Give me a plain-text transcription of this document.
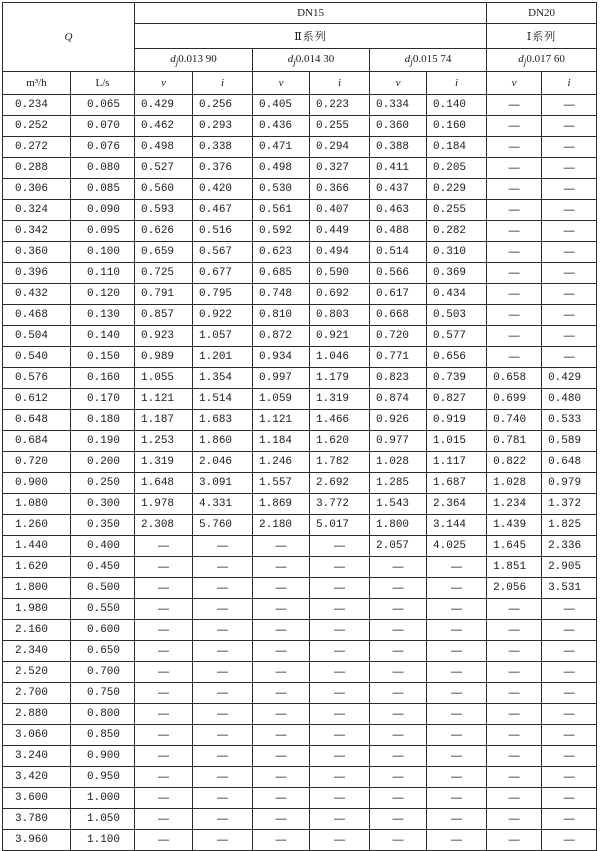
Q		DN15						DN20	
		Ⅱ系列						Ⅰ系列	
		$d_j0.013$ 90		$d_j0.014$ 30		$d_j0.015$ 74		$d_j0.017$ 60	
m³/h	L/s	v	i	v	i	v	i	v	i
0.234	0.065	0.429	0.256	0.405	0.223	0.334	0.140	—	—
0.252	0.070	0.462	0.293	0.436	0.255	0.360	0.160	—	—
0.272	0.076	0.498	0.338	0.471	0.294	0.388	0.184	—	—
0.288	0.080	0.527	0.376	0.498	0.327	0.411	0.205	—	—
0.306	0.085	0.560	0.420	0.530	0.366	0.437	0.229	—	—
0.324	0.090	0.593	0.467	0.561	0.407	0.463	0.255	—	—
0.342	0.095	0.626	0.516	0.592	0.449	0.488	0.282	—	—
0.360	0.100	0.659	0.567	0.623	0.494	0.514	0.310	—	—
0.396	0.110	0.725	0.677	0.685	0.590	0.566	0.369	—	—
0.432	0.120	0.791	0.795	0.748	0.692	0.617	0.434	—	—
0.468	0.130	0.857	0.922	0.810	0.803	0.668	0.503	—	—
0.504	0.140	0.923	1.057	0.872	0.921	0.720	0.577	—	—
0.540	0.150	0.989	1.201	0.934	1.046	0.771	0.656	—	—
0.576	0.160	1.055	1.354	0.997	1.179	0.823	0.739	0.658	0.429
0.612	0.170	1.121	1.514	1.059	1.319	0.874	0.827	0.699	0.480
0.648	0.180	1.187	1.683	1.121	1.466	0.926	0.919	0.740	0.533
0.684	0.190	1.253	1.860	1.184	1.620	0.977	1.015	0.781	0.589
0.720	0.200	1.319	2.046	1.246	1.782	1.028	1.117	0.822	0.648
0.900	0.250	1.648	3.091	1.557	2.692	1.285	1.687	1.028	0.979
1.080	0.300	1.978	4.331	1.869	3.772	1.543	2.364	1.234	1.372
1.260	0.350	2.308	5.760	2.180	5.017	1.800	3.144	1.439	1.825
1.440	0.400	—	—	—	—	2.057	4.025	1.645	2.336
1.620	0.450	—	—	—	—	—	—	1.851	2.905
1.800	0.500	—	—	—	—	—	—	2.056	3.531
1.980	0.550	—	—	—	—	—	—	—	—
2.160	0.600	—	—	—	—	—	—	—	—
2.340	0.650	—	—	—	—	—	—	—	—
2.520	0.700	—	—	—	—	—	—	—	—
2.700	0.750	—	—	—	—	—	—	—	—
2.880	0.800	—	—	—	—	—	—	—	—
3.060	0.850	—	—	—	—	—	—	—	—
3.240	0.900	—	—	—	—	—	—	—	—
3.420	0.950	—	—	—	—	—	—	—	—
3.600	1.000	—	—	—	—	—	—	—	—
3.780	1.050	—	—	—	—	—	—	—	—
3.960	1.100	—	—	—	—	—	—	—	—
